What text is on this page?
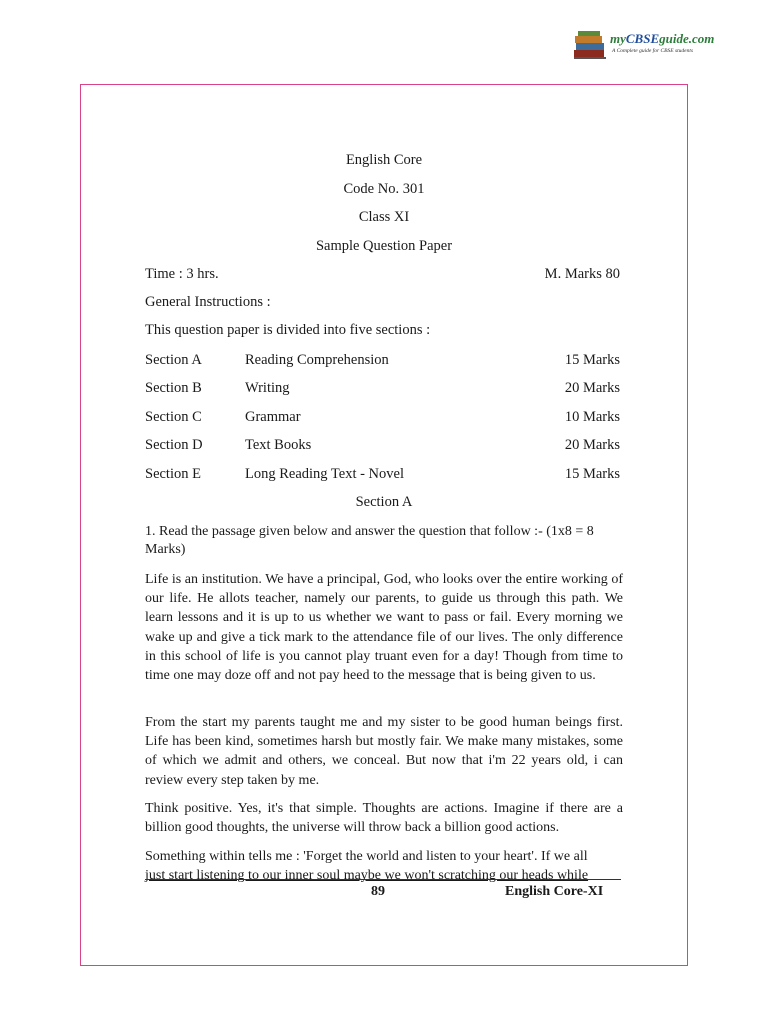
myCBSEguide.com
A Complete guide for CBSE students
English Core
Code No. 301
Class XI
Sample Question Paper
Time : 3 hrs.	M. Marks 80
General Instructions :
This question paper is divided into five sections :
Section A	Reading Comprehension	15 Marks
Section B	Writing	20 Marks
Section C	Grammar	10 Marks
Section D	Text Books	20 Marks
Section E	Long Reading Text - Novel	15 Marks
Section A
1. Read the passage given below and answer the question that follow :- (1x8 = 8 Marks)
Life is an institution. We have a principal, God, who looks over the entire working of our life. He allots teacher, namely our parents, to guide us through this path. We learn lessons and it is up to us whether we want to pass or fail. Every morning we wake up and give a tick mark to the attendance file of our lives. The only difference in this school of life is you cannot play truant even for a day! Though from time to time one may doze off and not pay heed to the message that is being given to us.
From the start my parents taught me and my sister to be good human beings first. Life has been kind, sometimes harsh but mostly fair. We make many mistakes, some of which we admit and others, we conceal. But now that i'm 22 years old, i can review every step taken by me.
Think positive. Yes, it's that simple. Thoughts are actions. Imagine if there are a billion good thoughts, the universe will throw back a billion good actions.
Something within tells me : 'Forget the world and listen to your heart'. If we all
just start listening to our inner soul maybe we won't scratching our heads while
89	English Core-XI
